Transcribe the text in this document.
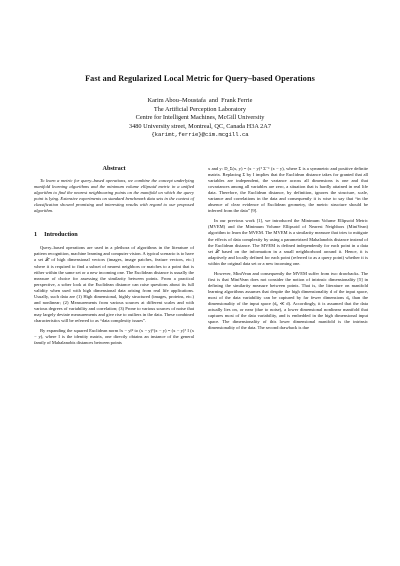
Fast and Regularized Local Metric for Query–based Operations
Karim Abou–Moustafa  and  Frank Ferrie
The Artificial Perception Laboratory
Centre for Intelligent Machines, McGill University
3480 University street, Montreal, QC, Canada H3A 2A7
{karimt,ferrie}@cim.mcgill.ca
Abstract

To learn a metric for query–based operations, we combine the concept underlying manifold learning algorithms and the minimum volume ellipsoid metric in a unified algorithm to find the nearest neighbouring points on the manifold on which the query point is lying. Extensive experiments on standard benchmark data sets in the context of classification showed promising and interesting results with regard to our proposed algorithm.

1 Introduction

Query–based operations are used in a plethora of algorithms in the literature of pattern recognition, machine learning and computer vision. A typical scenario is to have a set 𝒳 of high dimensional vectors (images, image patches, feature vectors, etc.) where it is required to find a subset of nearest neighbors or matches to a point that is either within the same set or a new incoming one. The Euclidean distance is usually the measure of choice for assessing the similarity between points. From a practical perspective, a sober look at the Euclidean distance can raise questions about its full validity when used with high dimensional data arising from real life applications. Usually, such data are (1) High dimensional, highly structured (images, proteins, etc.) and nonlinear; (2) Measurements from various sources at different scales and with various degrees of variability and correlation; (3) Prone to various sources of noise that may largely deviate measurements and give rise to outliers in the data. These combined characteristics will be referred to as “data complexity issues”.

By expanding the squared Euclidean norm ‖x − y‖² to (x − y)ᵀ(x − y) = (x − y)ᵀ I (x − y), where I is the identity matrix, one directly obtains an instance of the general family of Mahalanobis distances between points

x and y: D_Σ(x, y) = (x − y)ᵀ Σ⁻¹ (x − y), where Σ is a symmetric and positive definite matrix. Replacing Σ by I implies that the Euclidean distance takes for granted that all variables are independent, the variance across all dimensions is one and that covariances among all variables are zero, a situation that is hardly attained in real life data. Therefore, the Euclidean distance, by definition, ignores the structure, scale, variance and correlations in the data and consequently it is wise to say that “in the absence of clear evidence of Euclidean geometry, the metric structure should be inferred from the data” [9].

In our previous work [1], we introduced the Minimum Volume Ellipsoid Metric (MVEM) and the Minimum Volume Ellipsoid of Nearest Neighbors (MiniVean) algorithm to learn the MVEM. The MVEM is a similarity measure that tries to mitigate the effects of data complexity by using a parametrized Mahalanobis distance instead of the Euclidean distance. The MVEM is defined independently for each point in a data set 𝒳 based on the information in a small neighborhood around it. Hence, it is adaptively and locally defined for each point (referred to as a query point) whether it is within the original data set or a new incoming one.

However, MiniVean and consequently the MVEM suffer from two drawbacks. The first is that MiniVean does not consider the notion of intrinsic dimensionality [5] in defining the similarity measure between points. That is, the literature on manifold learning algorithms assumes that despite the high dimensionality d of the input space, most of the data variability can be captured by far fewer dimensions d₀ than the dimensionality of the input space (d₀ ≪ d). Accordingly, it is assumed that the data actually lies on, or near (due to noise), a lower dimensional nonlinear manifold that captures most of the data variability, and is embedded in the high dimensional input space. The dimensionality of this lower dimensional manifold is the intrinsic dimensionality of the data. The second drawback is due
